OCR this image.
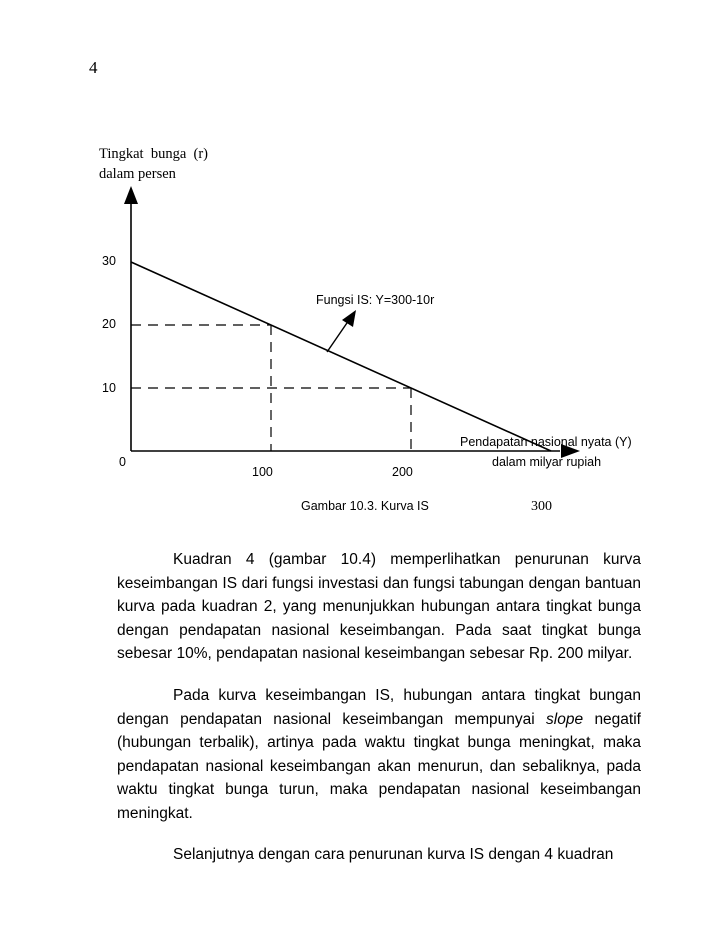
4
Tingkat  bunga  (r)
dalam persen
30
20
10
0
100	200
300
Fungsi IS: Y=300-10r
Pendapatan nasional nyata (Y)
dalam milyar rupiah
Gambar 10.3. Kurva IS

Kuadran 4 (gambar 10.4) memperlihatkan penurunan kurva keseimbangan IS dari fungsi investasi dan fungsi tabungan dengan bantuan kurva pada kuadran 2, yang menunjukkan hubungan antara tingkat bunga dengan pendapatan nasional keseimbangan. Pada saat tingkat bunga sebesar 10%, pendapatan nasional keseimbangan sebesar Rp. 200 milyar.

Pada kurva keseimbangan IS, hubungan antara tingkat bungan dengan pendapatan nasional keseimbangan mempunyai slope negatif (hubungan terbalik), artinya pada waktu tingkat bunga meningkat, maka pendapatan nasional keseimbangan akan menurun, dan sebaliknya, pada waktu tingkat bunga turun, maka pendapatan nasional keseimbangan meningkat.

Selanjutnya dengan cara penurunan kurva IS dengan 4 kuadran
